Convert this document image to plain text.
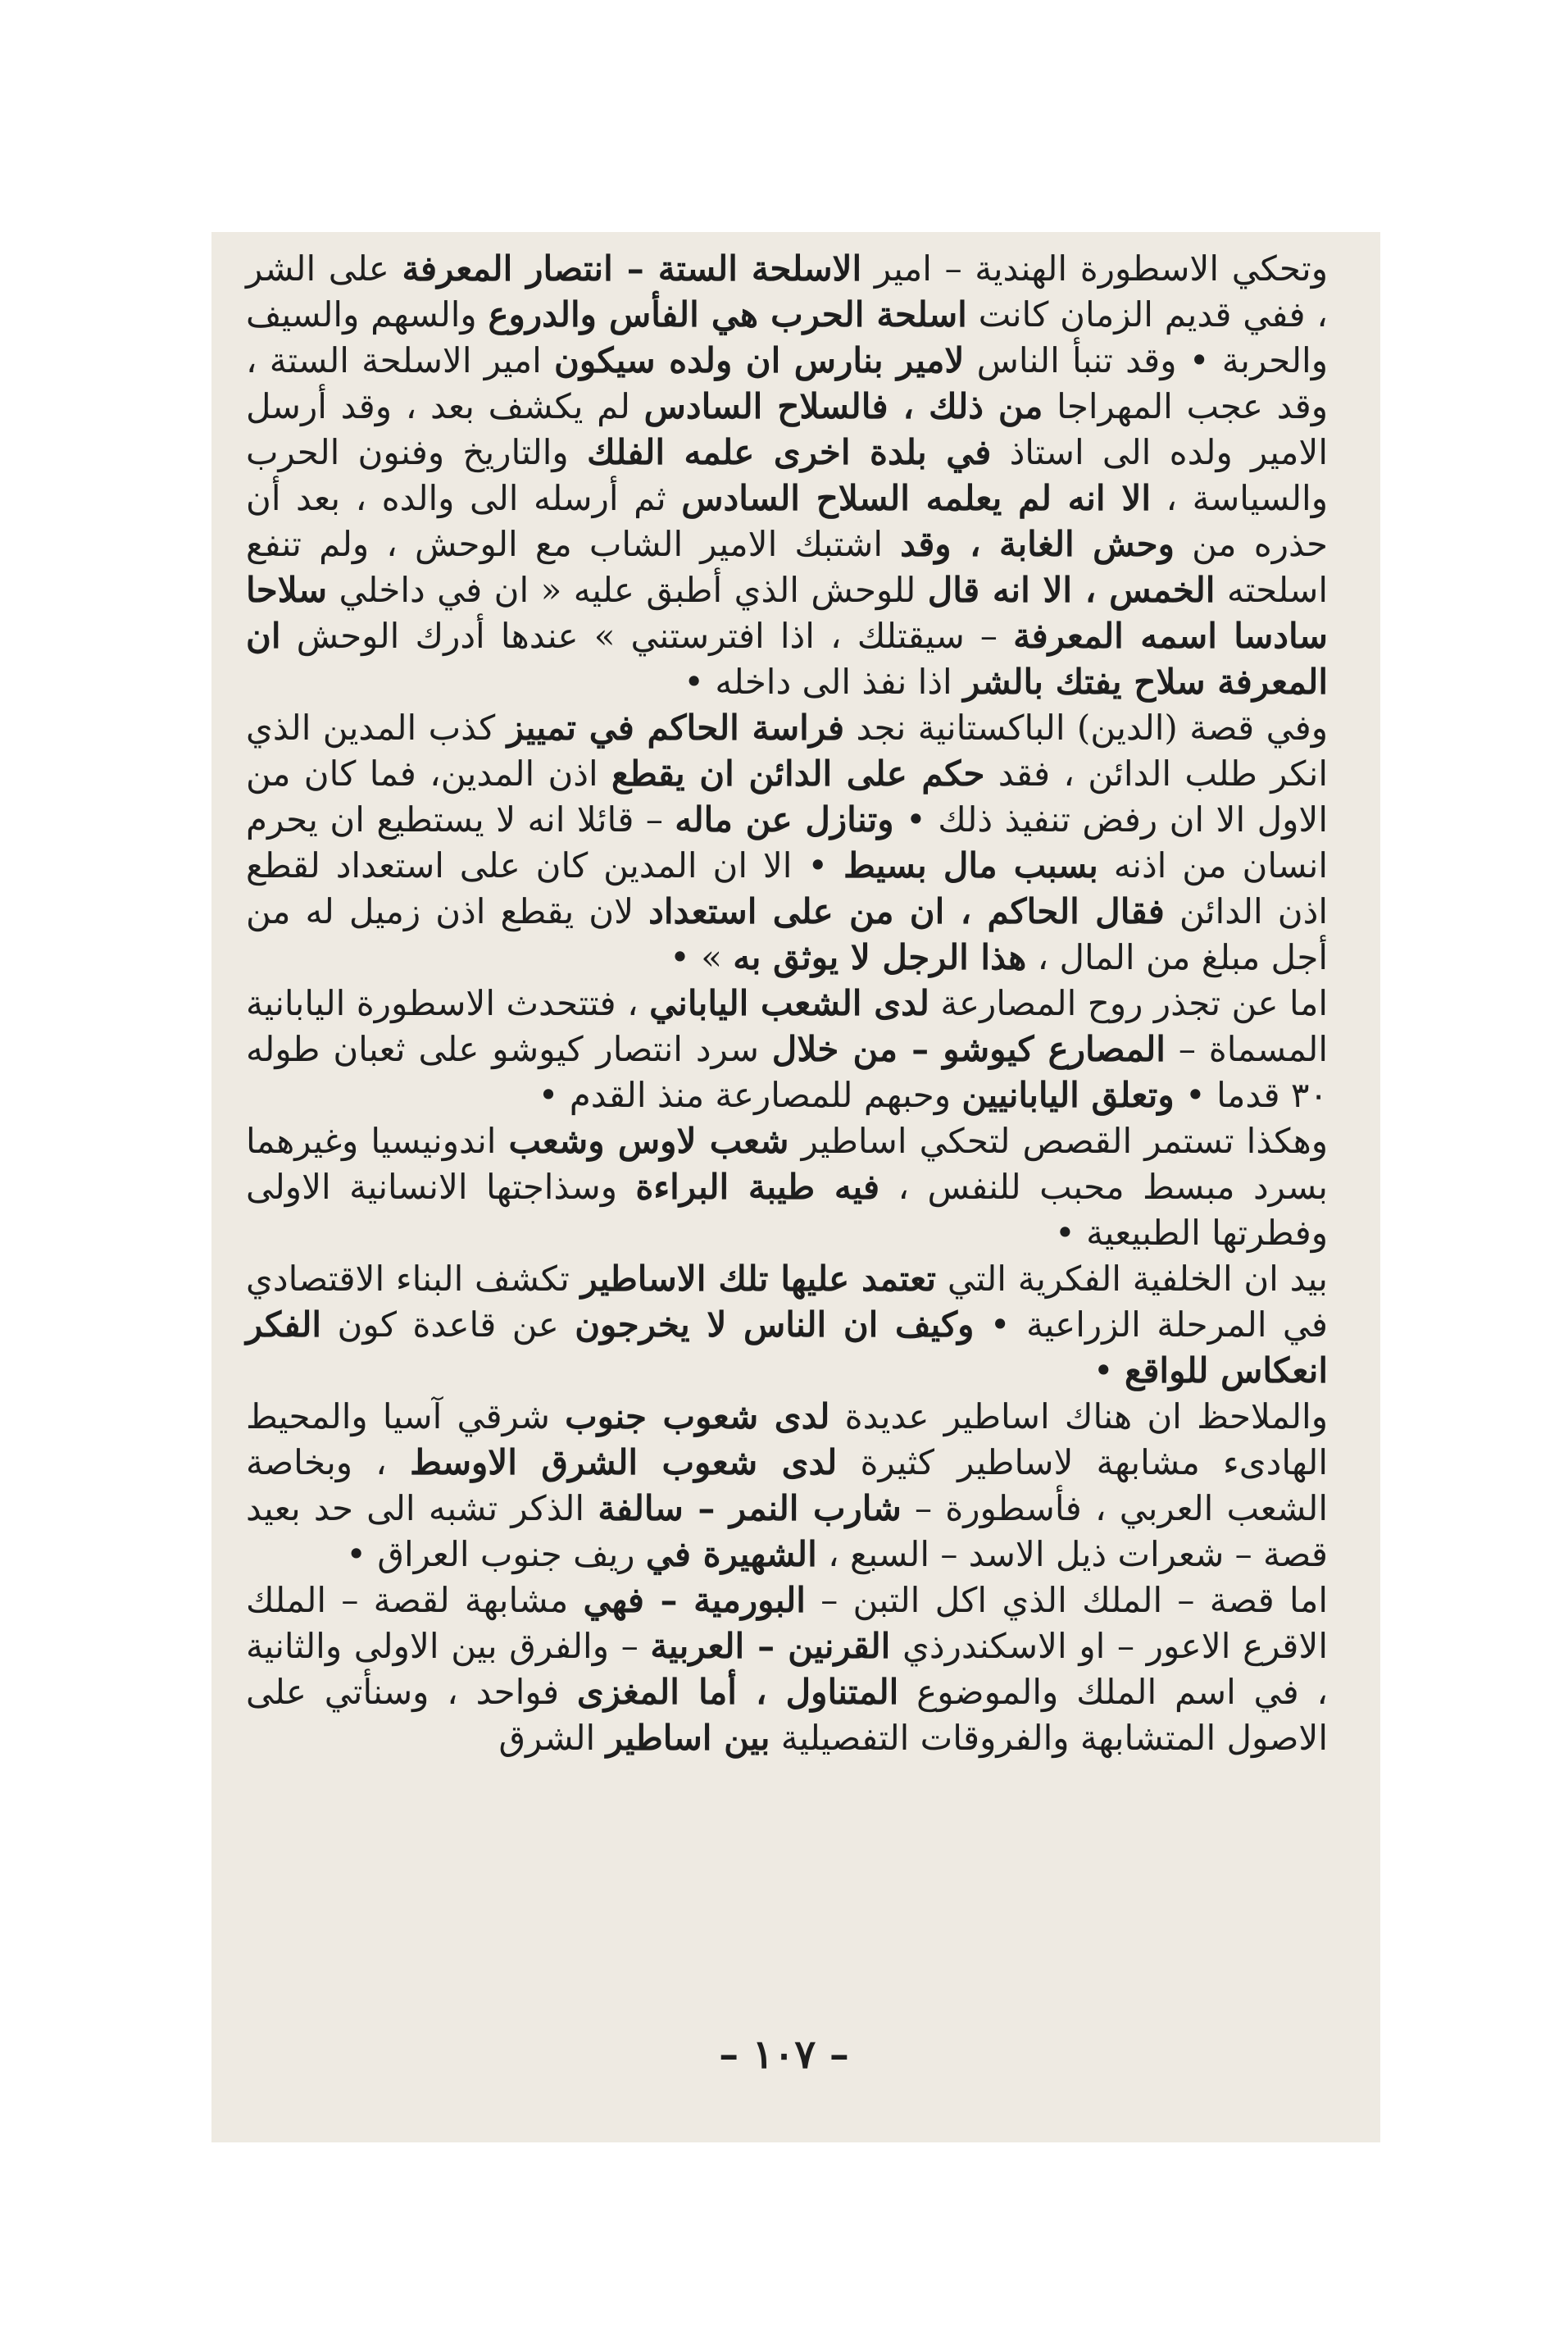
وتحكي الاسطورة الهندية – امير الاسلحة الستة – انتصار المعرفة على الشر ، ففي قديم الزمان كانت اسلحة الحرب هي الفأس والدروع والسهم والسيف والحربة • وقد تنبأ الناس لامير بنارس ان ولده سيكون امير الاسلحة الستة ، وقد عجب المهراجا من ذلك ، فالسلاح السادس لم يكشف بعد ، وقد أرسل الامير ولده الى استاذ في بلدة اخرى علمه الفلك والتاريخ وفنون الحرب والسياسة ، الا انه لم يعلمه السلاح السادس ثم أرسله الى والده ، بعد أن حذره من وحش الغابة ، وقد اشتبك الامير الشاب مع الوحش ، ولم تنفع اسلحته الخمس ، الا انه قال للوحش الذي أطبق عليه « ان في داخلي سلاحا سادسا اسمه المعرفة – سيقتلك ، اذا افترستني » عندها أدرك الوحش ان المعرفة سلاح يفتك بالشر اذا نفذ الى داخله •

وفي قصة (الدين) الباكستانية نجد فراسة الحاكم في تمييز كذب المدين الذي انكر طلب الدائن ، فقد حكم على الدائن ان يقطع اذن المدين، فما كان من الاول الا ان رفض تنفيذ ذلك • وتنازل عن ماله – قائلا انه لا يستطيع ان يحرم انسان من اذنه بسبب مال بسيط • الا ان المدين كان على استعداد لقطع اذن الدائن فقال الحاكم ، ان من على استعداد لان يقطع اذن زميل له من أجل مبلغ من المال ، هذا الرجل لا يوثق به » •

اما عن تجذر روح المصارعة لدى الشعب الياباني ، فتتحدث الاسطورة اليابانية المسماة – المصارع كيوشو – من خلال سرد انتصار كيوشو على ثعبان طوله ٣٠ قدما • وتعلق اليابانيين وحبهم للمصارعة منذ القدم •

وهكذا تستمر القصص لتحكي اساطير شعب لاوس وشعب اندونيسيا وغيرهما بسرد مبسط محبب للنفس ، فيه طيبة البراءة وسذاجتها الانسانية الاولى وفطرتها الطبيعية •

بيد ان الخلفية الفكرية التي تعتمد عليها تلك الاساطير تكشف البناء الاقتصادي في المرحلة الزراعية • وكيف ان الناس لا يخرجون عن قاعدة كون الفكر انعكاس للواقع •

والملاحظ ان هناك اساطير عديدة لدى شعوب جنوب شرقي آسيا والمحيط الهادىء مشابهة لاساطير كثيرة لدى شعوب الشرق الاوسط ، وبخاصة الشعب العربي ، فأسطورة – شارب النمر – سالفة الذكر تشبه الى حد بعيد قصة – شعرات ذيل الاسد – السبع ، الشهيرة في ريف جنوب العراق •

اما قصة – الملك الذي اكل التبن – البورمية – فهي مشابهة لقصة – الملك الاقرع الاعور – او الاسكندرذي القرنين – العربية – والفرق بين الاولى والثانية ، في اسم الملك والموضوع المتناول ، أما المغزى فواحد ، وسنأتي على الاصول المتشابهة والفروقات التفصيلية بين اساطير الشرق

– ١٠٧ –
